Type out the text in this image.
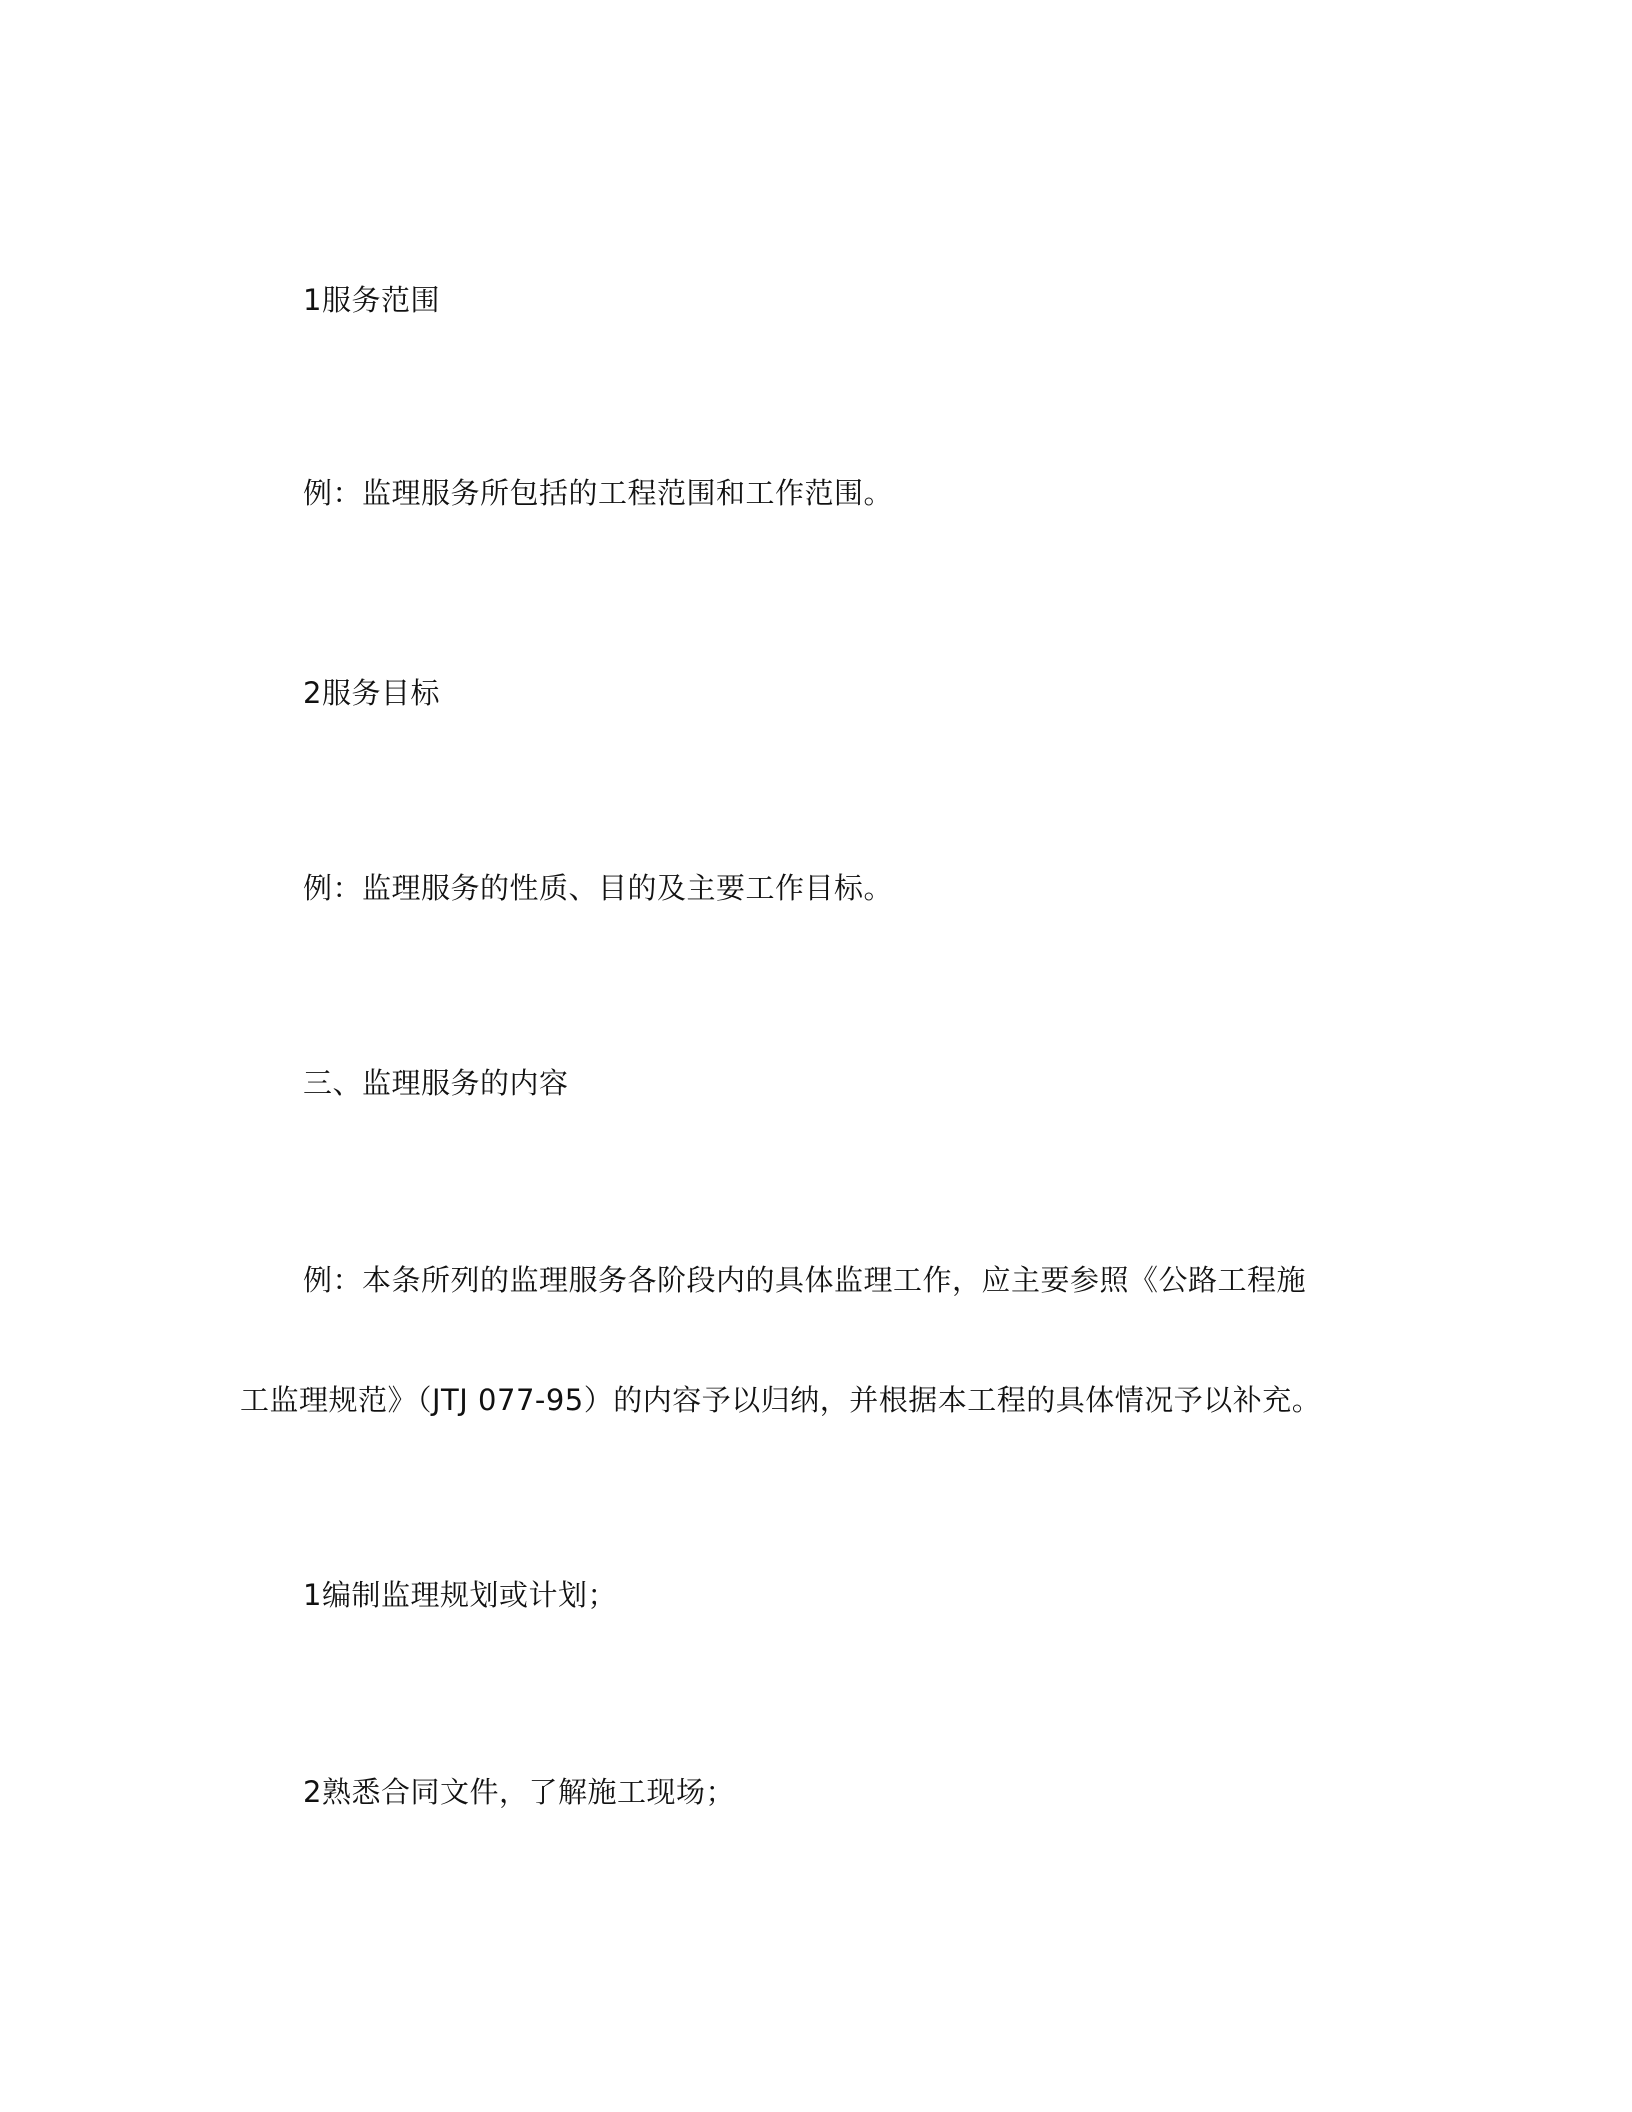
1服务范围

例：监理服务所包括的工程范围和工作范围。

2服务目标

例：监理服务的性质、目的及主要工作目标。

三、监理服务的内容

例：本条所列的监理服务各阶段内的具体监理工作，应主要参照《公路工程施

工监理规范》（JTJ 077-95）的内容予以归纳，并根据本工程的具体情况予以补充。

1编制监理规划或计划；

2熟悉合同文件，了解施工现场；
